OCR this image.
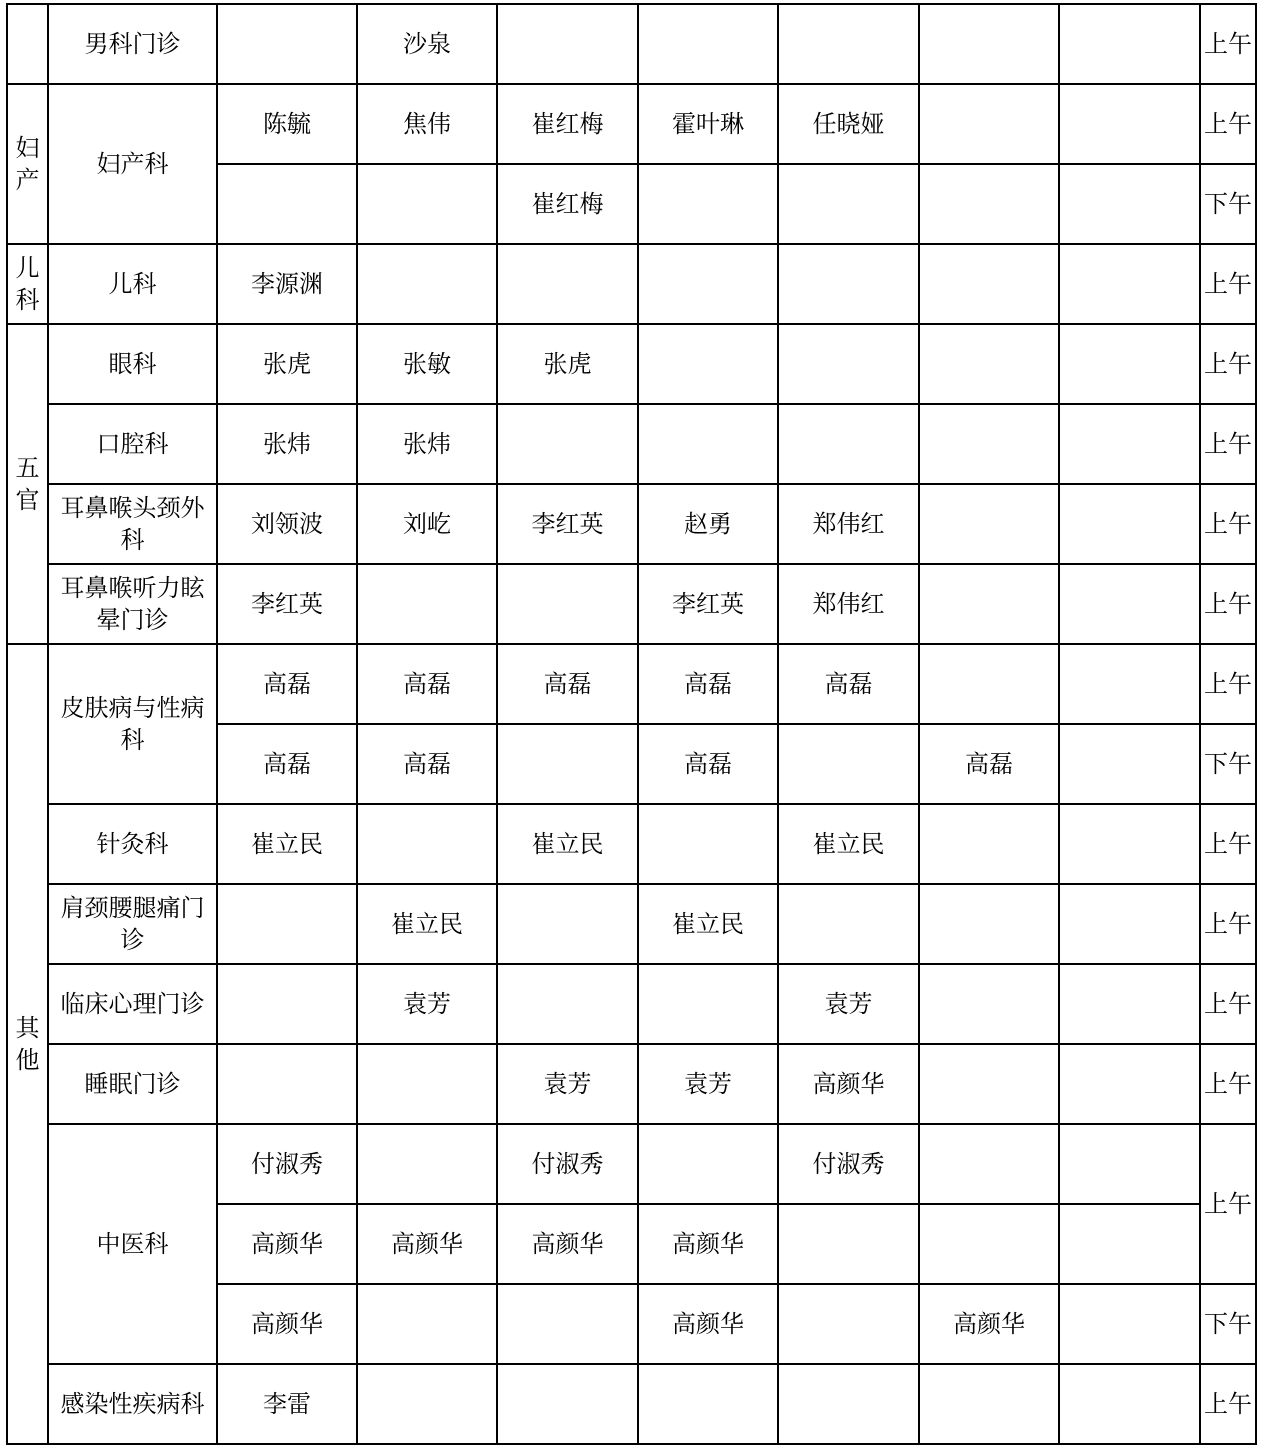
	男科门诊		沙泉						上午
妇产	妇产科	陈毓	焦伟	崔红梅	霍叶琳	任晓娅			上午
				崔红梅					下午
儿科	儿科	李源渊							上午
五官	眼科	张虎	张敏	张虎					上午
	口腔科	张炜	张炜						上午
	耳鼻喉头颈外科	刘领波	刘屹	李红英	赵勇	郑伟红			上午
	耳鼻喉听力眩晕门诊	李红英			李红英	郑伟红			上午
其他	皮肤病与性病科	高磊	高磊	高磊	高磊	高磊			上午
		高磊	高磊		高磊		高磊		下午
	针灸科	崔立民		崔立民		崔立民			上午
	肩颈腰腿痛门诊		崔立民		崔立民				上午
	临床心理门诊		袁芳			袁芳			上午
	睡眠门诊			袁芳	袁芳	高颜华			上午
	中医科	付淑秀		付淑秀		付淑秀			上午
		高颜华	高颜华	高颜华	高颜华				
		高颜华			高颜华		高颜华		下午
	感染性疾病科	李雷							上午
